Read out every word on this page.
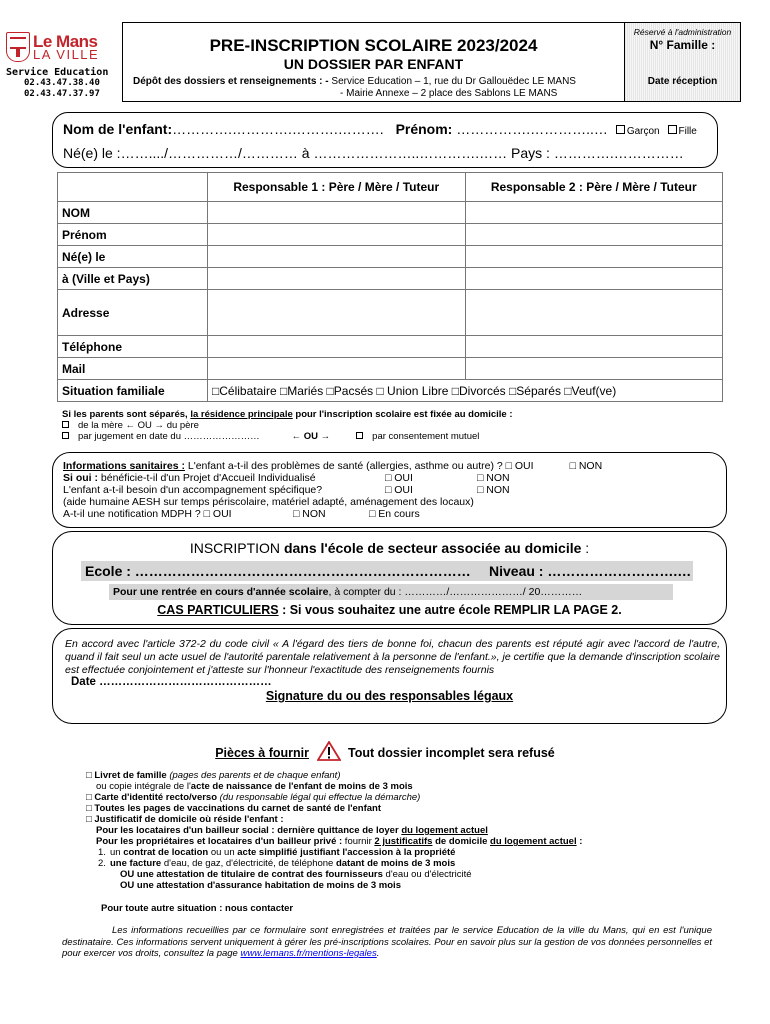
Le Mans
LA VILLE
Service Education
02.43.47.38.40
02.43.47.37.97
PRE-INSCRIPTION SCOLAIRE 2023/2024
UN DOSSIER PAR ENFANT
Dépôt des dossiers et renseignements : - Service Education – 1, rue du Dr Gallouëdec LE MANS
- Mairie Annexe – 2 place des Sablons LE MANS
Réservé à l'administration
N° Famille :
Date réception
Nom de l'enfant:………….………….……….………. Prénom: …………….…………..… Garçon Fille
Né(e) le :……..../……………/………… à …………………..………….…… Pays : ………….……………
	Responsable 1 : Père / Mère / Tuteur	Responsable 2 : Père / Mère / Tuteur
NOM		
Prénom		
Né(e) le		
à (Ville et Pays)		
Adresse		
Téléphone		
Mail		
Situation familiale	□Célibataire □Mariés □Pacsés □ Union Libre □Divorcés □Séparés □Veuf(ve)	
Si les parents sont séparés, la résidence principale pour l'inscription scolaire est fixée au domicile :
de la mère ← OU → du père
par jugement en date du ……………………	← OU →	par consentement mutuel
Informations sanitaires : L'enfant a-t-il des problèmes de santé (allergies, asthme ou autre) ? □ OUI	□ NON
Si oui : bénéficie-t-il d'un Projet d'Accueil Individualisé	□ OUI	□ NON
L'enfant a-t-il besoin d'un accompagnement spécifique?	□ OUI	□ NON
(aide humaine AESH sur temps périscolaire, matériel adapté, aménagement des locaux)
A-t-il une notification MDPH ? □ OUI	□ NON	□ En cours
INSCRIPTION dans l'école de secteur associée au domicile :
Ecole : ……………………………………………………………… Niveau : ……………………….…
Pour une rentrée en cours d'année scolaire, à compter du : …………/…………………/ 20…………
CAS PARTICULIERS : Si vous souhaitez une autre école REMPLIR LA PAGE 2.
En accord avec l'article 372-2 du code civil « A l'égard des tiers de bonne foi, chacun des parents est réputé agir avec l'accord de l'autre, quand il fait seul un acte usuel de l'autorité parentale relativement à la personne de l'enfant.», je certifie que la demande d'inscription scolaire est effectuée conjointement et j'atteste sur l'honneur l'exactitude des renseignements fournis
Date ………………………………………
Signature du ou des responsables légaux
Pièces à fournir	Tout dossier incomplet sera refusé
□ Livret de famille (pages des parents et de chaque enfant)
ou copie intégrale de l'acte de naissance de l'enfant de moins de 3 mois
□ Carte d'identité recto/verso (du responsable légal qui effectue la démarche)
□ Toutes les pages de vaccinations du carnet de santé de l'enfant
□ Justificatif de domicile où réside l'enfant :
Pour les locataires d'un bailleur social : dernière quittance de loyer du logement actuel
Pour les propriétaires et locataires d'un bailleur privé : fournir 2 justificatifs de domicile du logement actuel :
1. un contrat de location ou un acte simplifié justifiant l'accession à la propriété
2. une facture d'eau, de gaz, d'électricité, de téléphone datant de moins de 3 mois
OU une attestation de titulaire de contrat des fournisseurs d'eau ou d'électricité
OU une attestation d'assurance habitation de moins de 3 mois
Pour toute autre situation : nous contacter
Les informations recueillies par ce formulaire sont enregistrées et traitées par le service Education de la ville du Mans, qui en est l'unique destinataire. Ces informations servent uniquement à gérer les pré-inscriptions scolaires. Pour en savoir plus sur la gestion de vos données personnelles et pour exercer vos droits, consultez la page www.lemans.fr/mentions-legales.
